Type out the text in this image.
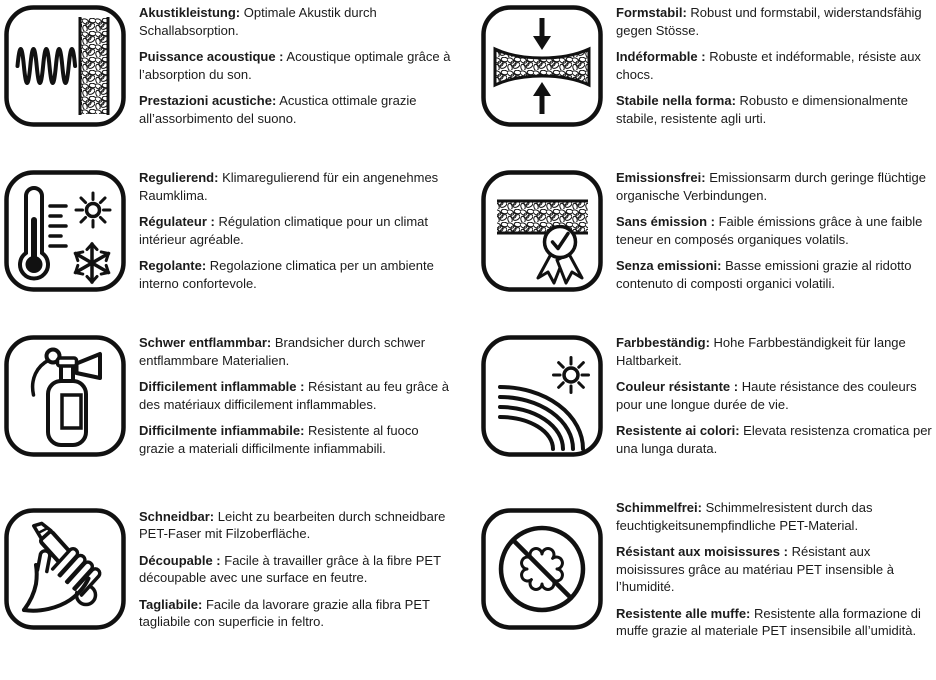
Akustikleistung: Optimale Akustik durch Schallabsorption.

Puissance acoustique : Acoustique optimale grâce à l’absorption du son.

Prestazioni acustiche: Acustica ottimale grazie all’assorbimento del suono.

Formstabil: Robust und formstabil, widerstandsfähig gegen Stösse.

Indéformable : Robuste et indéformable, résiste aux chocs.

Stabile nella forma: Robusto e dimensionalmente stabile, resistente agli urti.

Regulierend: Klimaregulierend für ein angenehmes Raumklima.

Régulateur : Régulation climatique pour un climat intérieur agréable.

Regolante: Regolazione climatica per un ambiente interno confortevole.

Emissionsfrei: Emissionsarm durch geringe flüchtige organische Verbindungen.

Sans émission : Faible émissions grâce à une faible teneur en composés organiques volatils.

Senza emissioni: Basse emissioni grazie al ridotto contenuto di composti organici volatili.

Schwer entflammbar: Brandsicher durch schwer entflammbare Materialien.

Difficilement inflammable : Résistant au feu grâce à des matériaux difficilement inflammables.

Difficilmente infiammabile: Resistente al fuoco grazie a materiali difficilmente infiammabili.

Farbbeständig: Hohe Farbbeständigkeit für lange Haltbarkeit.

Couleur résistante : Haute résistance des couleurs pour une longue durée de vie.

Resistente ai colori: Elevata resistenza cromatica per una lunga durata.

Schneidbar: Leicht zu bearbeiten durch schneidbare PET-Faser mit Filzoberfläche.

Découpable : Facile à travailler grâce à la fibre PET découpable avec une surface en feutre.

Tagliabile: Facile da lavorare grazie alla fibra PET tagliabile con superficie in feltro.

Schimmelfrei: Schimmelresistent durch das feuchtigkeitsunempfindliche PET-Material.

Résistant aux moisissures : Résistant aux moisissures grâce au matériau PET insensible à l’humidité.

Resistente alle muffe: Resistente alla formazione di muffe grazie al materiale PET insensibile all’umidità.
